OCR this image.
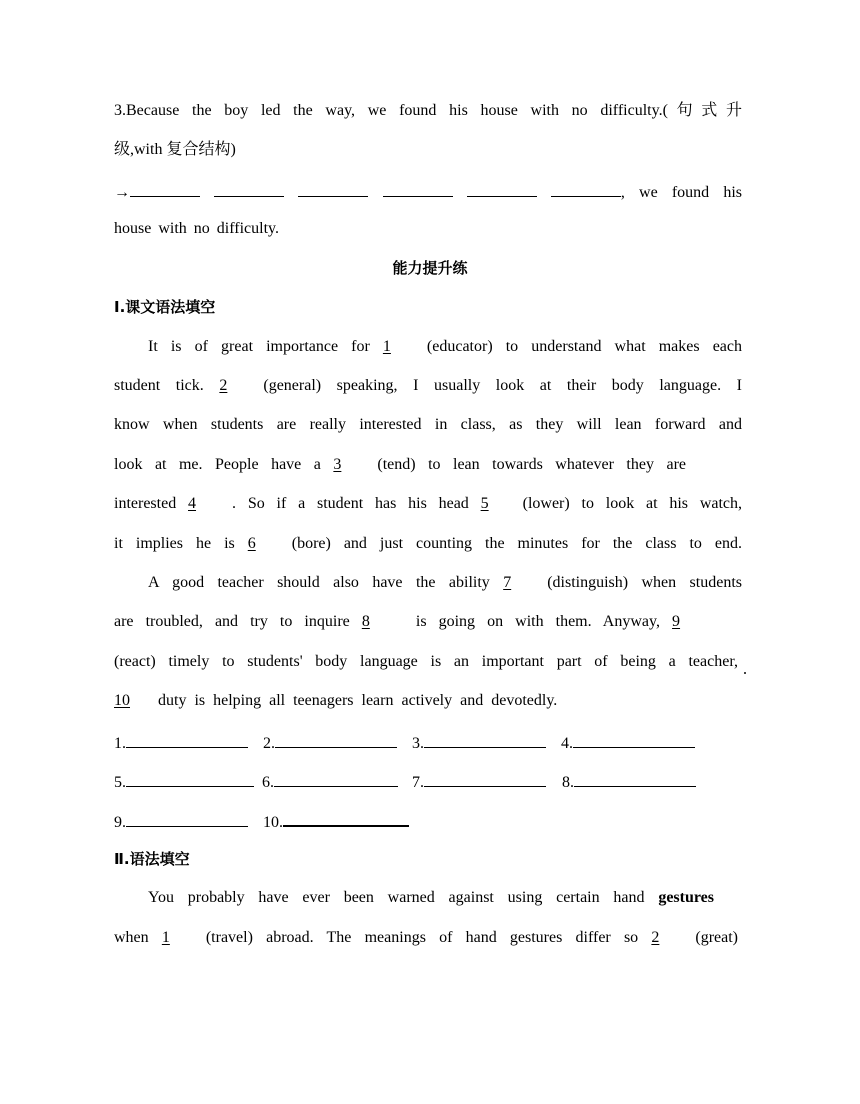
3.Because the boy led the way, we found his house with no difficulty.(句式升
级,with 复合结构)
→	, we found his
house with no difficulty.
能力提升练
Ⅰ.课文语法填空
It is of great importance for 1 (educator) to understand what makes each
student tick. 2 (general) speaking, I usually look at their body language. I
know when students are really interested in class, as they will lean forward and
look at me. People have a 3 (tend) to lean towards whatever they are
interested 4 . So if a student has his head 5 (lower) to look at his watch,
it implies he is 6 (bore) and just counting the minutes for the class to end.
A good teacher should also have the ability 7 (distinguish) when students
are troubled, and try to inquire 8	is going on with them. Anyway, 9
(react) timely to students' body language is an important part of being a teacher,
10 duty is helping all teenagers learn actively and devotedly.
1.	2.	3.	4.
5.	6.	7.	8.
9.	10.
Ⅱ.语法填空
You probably have ever been warned against using certain hand gestures
when 1 (travel) abroad. The meanings of hand gestures differ so 2 (great)
